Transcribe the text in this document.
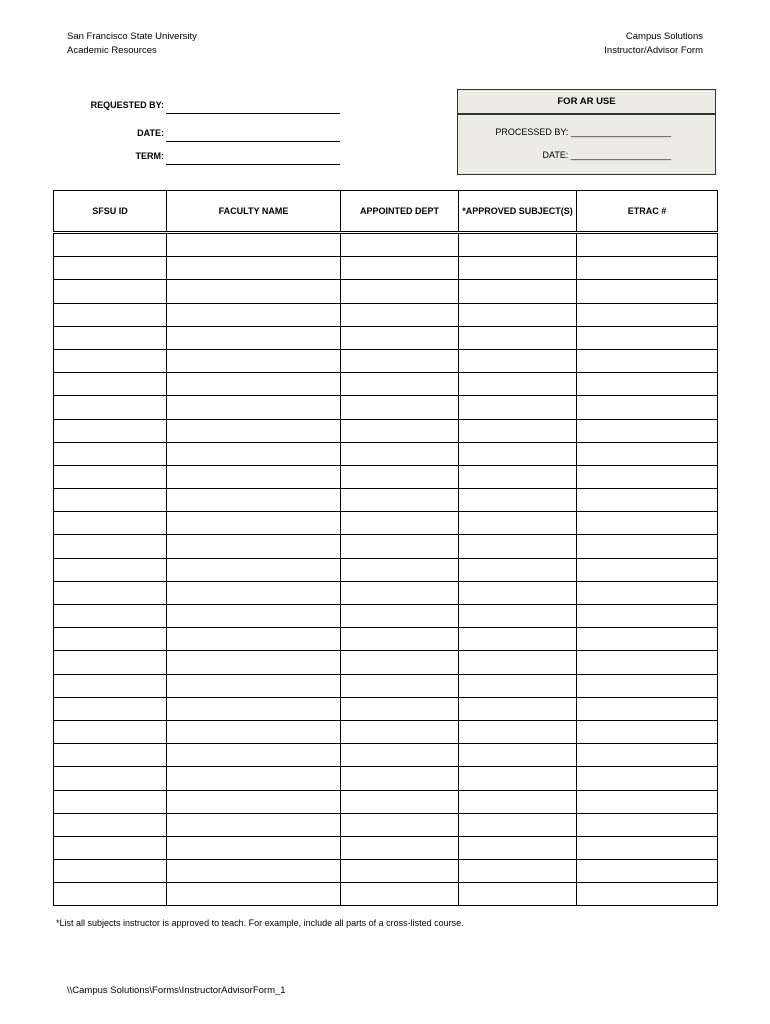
San Francisco State University
Academic Resources
Campus Solutions
Instructor/Advisor Form
REQUESTED BY:
DATE:
TERM:
FOR AR USE
PROCESSED BY: ____________________
DATE: ____________________
SFSU ID	FACULTY NAME	APPOINTED DEPT	*APPROVED SUBJECT(S)	ETRAC #

*List all subjects instructor is approved to teach. For example, include all parts of a cross-listed course.
\\Campus Solutions\Forms\InstructorAdvisorForm_1
